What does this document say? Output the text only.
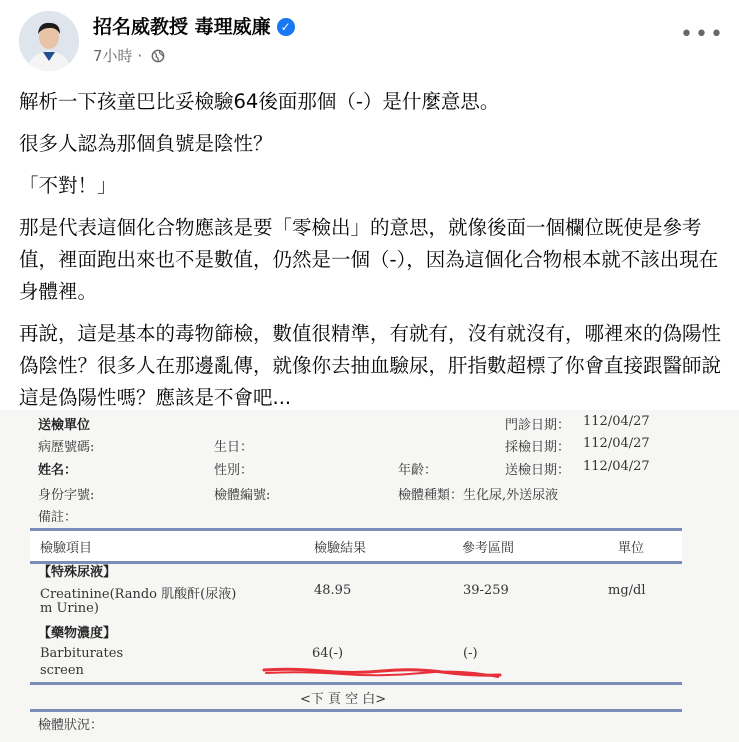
招名威教授 毒理威廉 ✓
7小時 ·
•••

解析一下孩童巴比妥檢驗64後面那個（-）是什麼意思。

很多人認為那個負號是陰性？

「不對！」

那是代表這個化合物應該是要「零檢出」的意思，就像後面一個欄位既使是參考值，裡面跑出來也不是數值，仍然是一個（-），因為這個化合物根本就不該出現在身體裡。

再說，這是基本的毒物篩檢，數值很精準，有就有，沒有就沒有，哪裡來的偽陽性偽陰性？很多人在那邊亂傳，就像你去抽血驗尿，肝指數超標了你會直接跟醫師說這是偽陽性嗎？應該是不會吧...

送檢單位	門診日期： 112/04/27
病歷號碼:	生日：	採檢日期： 112/04/27
姓名：	性別：	年齡：	送檢日期： 112/04/27
身份字號:	檢體編號:	檢體種類：生化尿,外送尿液
備註：
檢驗項目	檢驗結果	參考區間	單位
【特殊尿液】
Creatinine(Rando 肌酸酐(尿液)
m Urine)
48.95	39-259	mg/dl
【藥物濃度】
Barbiturates
screen
64(-)	(-)
<下 頁 空 白>
檢體狀況：
